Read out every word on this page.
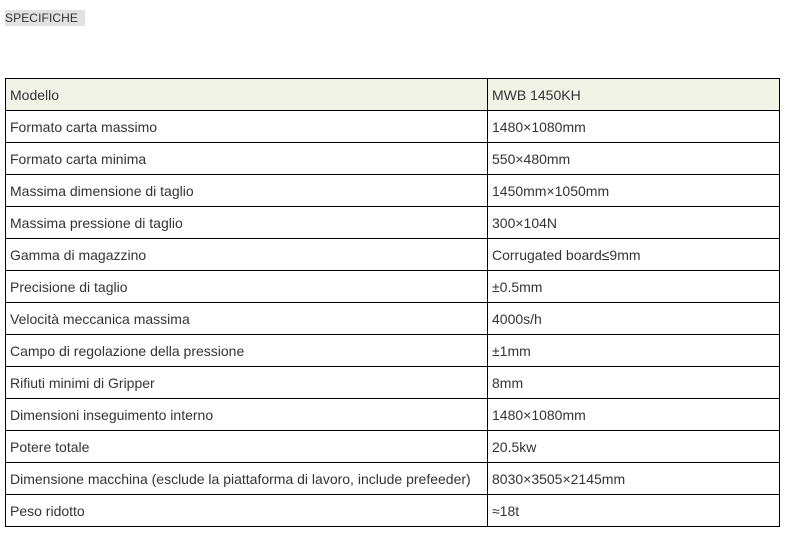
SPECIFICHE
Modello	MWB 1450KH
Formato carta massimo	1480×1080mm
Formato carta minima	550×480mm
Massima dimensione di taglio	1450mm×1050mm
Massima pressione di taglio	300×104N
Gamma di magazzino	Corrugated board≤9mm
Precisione di taglio	±0.5mm
Velocità meccanica massima	4000s/h
Campo di regolazione della pressione	±1mm
Rifiuti minimi di Gripper	8mm
Dimensioni inseguimento interno	1480×1080mm
Potere totale	20.5kw
Dimensione macchina (esclude la piattaforma di lavoro, include prefeeder)	8030×3505×2145mm
Peso ridotto	≈18t
